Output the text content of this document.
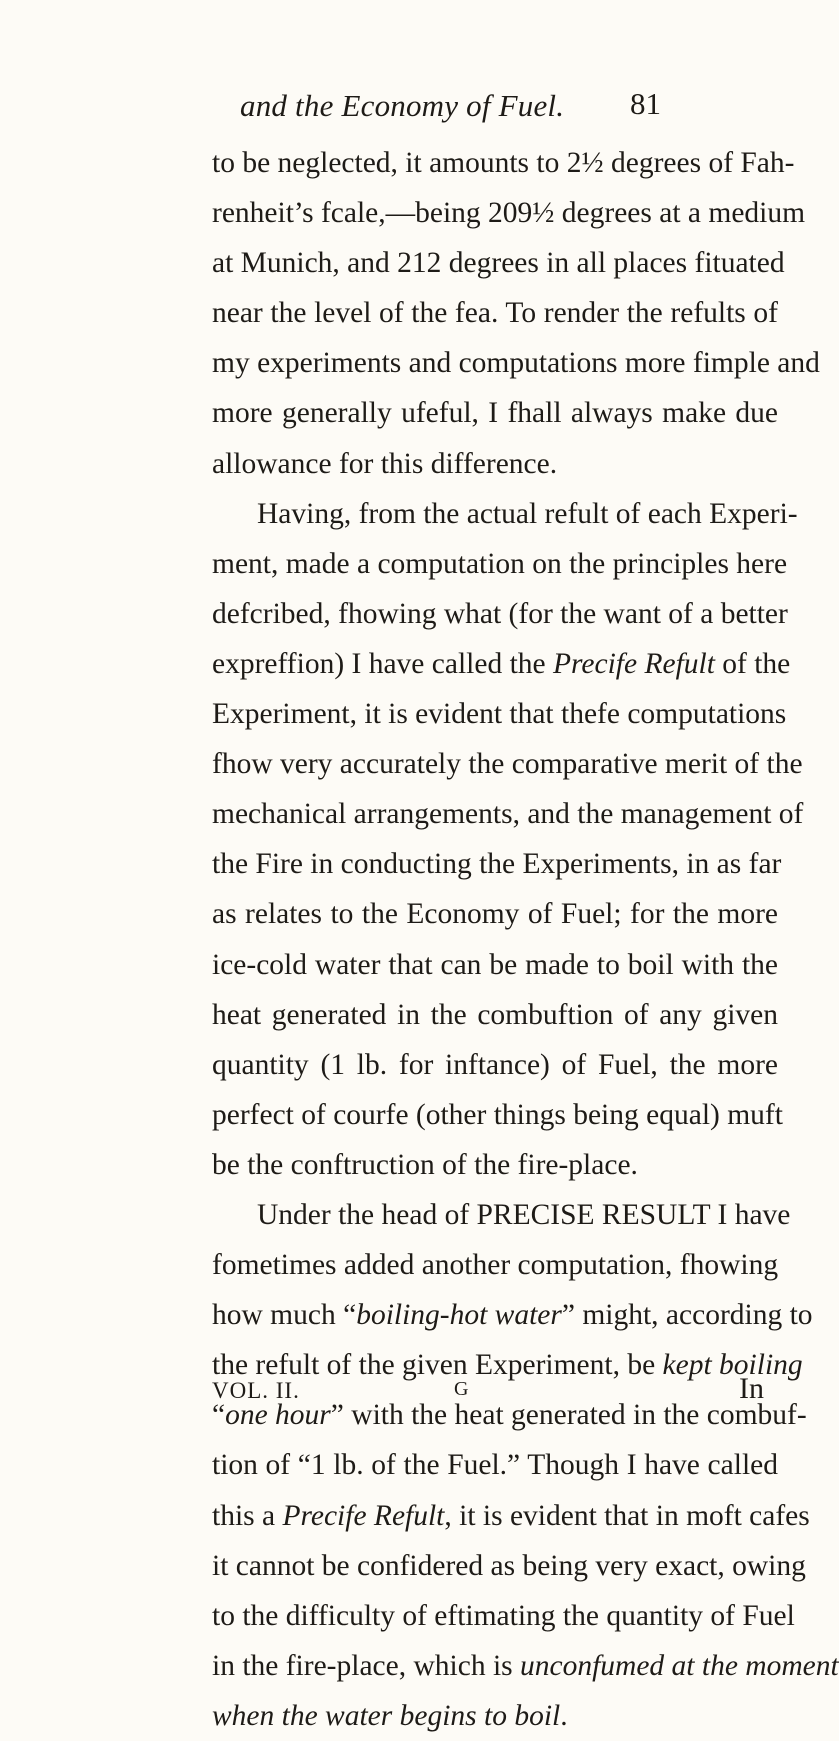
and the Economy of Fuel. 81
to be neglected, it amounts to 2½ degrees of Fah-
renheit’s fcale,—being 209½ degrees at a medium
at Munich, and 212 degrees in all places fituated
near the level of the fea. To render the refults of
my experiments and computations more fimple and
more generally ufeful, I fhall always make due
allowance for this difference.
Having, from the actual refult of each Experi-
ment, made a computation on the principles here
defcribed, fhowing what (for the want of a better
expreffion) I have called the Precife Refult of the
Experiment, it is evident that thefe computations
fhow very accurately the comparative merit of the
mechanical arrangements, and the management of
the Fire in conducting the Experiments, in as far
as relates to the Economy of Fuel; for the more
ice-cold water that can be made to boil with the
heat generated in the combuftion of any given
quantity (1 lb. for inftance) of Fuel, the more
perfect of courfe (other things being equal) muft
be the conftruction of the fire-place.
Under the head of PRECISE RESULT I have
fometimes added another computation, fhowing
how much “boiling-hot water” might, according to
the refult of the given Experiment, be kept boiling
“one hour” with the heat generated in the combuf-
tion of “1 lb. of the Fuel.” Though I have called
this a Precife Refult, it is evident that in moft cafes
it cannot be confidered as being very exact, owing
to the difficulty of eftimating the quantity of Fuel
in the fire-place, which is unconfumed at the moment
when the water begins to boil.
VOL. II.	G	In
